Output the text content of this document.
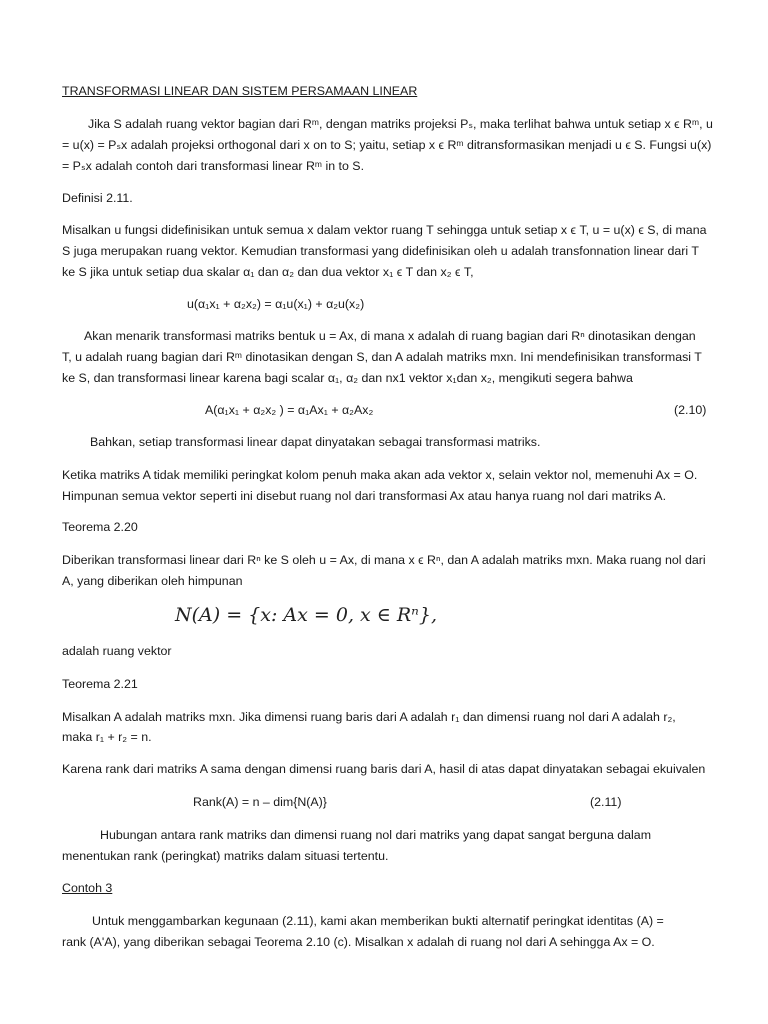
TRANSFORMASI LINEAR DAN SISTEM PERSAMAAN LINEAR
Jika S adalah ruang vektor bagian dari Rᵐ, dengan matriks projeksi Pₛ, maka terlihat bahwa untuk setiap x ϵ Rᵐ, u
= u(x) = Pₛx adalah projeksi orthogonal dari x on to S; yaitu, setiap x ϵ Rᵐ ditransformasikan menjadi u ϵ S. Fungsi u(x)
= Pₛx adalah contoh dari transformasi linear Rᵐ in to S.
Definisi 2.11.
Misalkan u fungsi didefinisikan untuk semua x dalam vektor ruang T sehingga untuk setiap x ϵ T, u = u(x) ϵ S, di mana
S juga merupakan ruang vektor. Kemudian transformasi yang didefinisikan oleh u adalah transfonnation linear dari T
ke S jika untuk setiap dua skalar α₁ dan α₂ dan dua vektor x₁ ϵ T dan x₂ ϵ T,
u(α₁x₁ + α₂x₂) = α₁u(x₁) + α₂u(x₂)
Akan menarik transformasi matriks bentuk u = Ax, di mana x adalah di ruang bagian dari Rⁿ dinotasikan dengan
T, u adalah ruang bagian dari Rᵐ dinotasikan dengan S, dan A adalah matriks mxn. Ini mendefinisikan transformasi T
ke S, dan transformasi linear karena bagi scalar α₁, α₂ dan nx1 vektor x₁dan x₂, mengikuti segera bahwa
A(α₁x₁ + α₂x₂ ) = α₁Ax₁ + α₂Ax₂	(2.10)
Bahkan, setiap transformasi linear dapat dinyatakan sebagai transformasi matriks.
Ketika matriks A tidak memiliki peringkat kolom penuh maka akan ada vektor x, selain vektor nol, memenuhi Ax = O.
Himpunan semua vektor seperti ini disebut ruang nol dari transformasi Ax atau hanya ruang nol dari matriks A.
Teorema 2.20
Diberikan transformasi linear dari Rⁿ ke S oleh u = Ax, di mana x ϵ Rⁿ, dan A adalah matriks mxn. Maka ruang nol dari
A, yang diberikan oleh himpunan
N(A) = {x: Ax = 0, x ∈ Rⁿ},
adalah ruang vektor
Teorema 2.21
Misalkan A adalah matriks mxn. Jika dimensi ruang baris dari A adalah r₁ dan dimensi ruang nol dari A adalah r₂,
maka r₁ + r₂ = n.
Karena rank dari matriks A sama dengan dimensi ruang baris dari A, hasil di atas dapat dinyatakan sebagai ekuivalen
Rank(A) = n – dim{N(A)}	(2.11)
Hubungan antara rank matriks dan dimensi ruang nol dari matriks yang dapat sangat berguna dalam
menentukan rank (peringkat) matriks dalam situasi tertentu.
Contoh 3
Untuk menggambarkan kegunaan (2.11), kami akan memberikan bukti alternatif peringkat identitas (A) =
rank (A'A), yang diberikan sebagai Teorema 2.10 (c). Misalkan x adalah di ruang nol dari A sehingga Ax = O.
